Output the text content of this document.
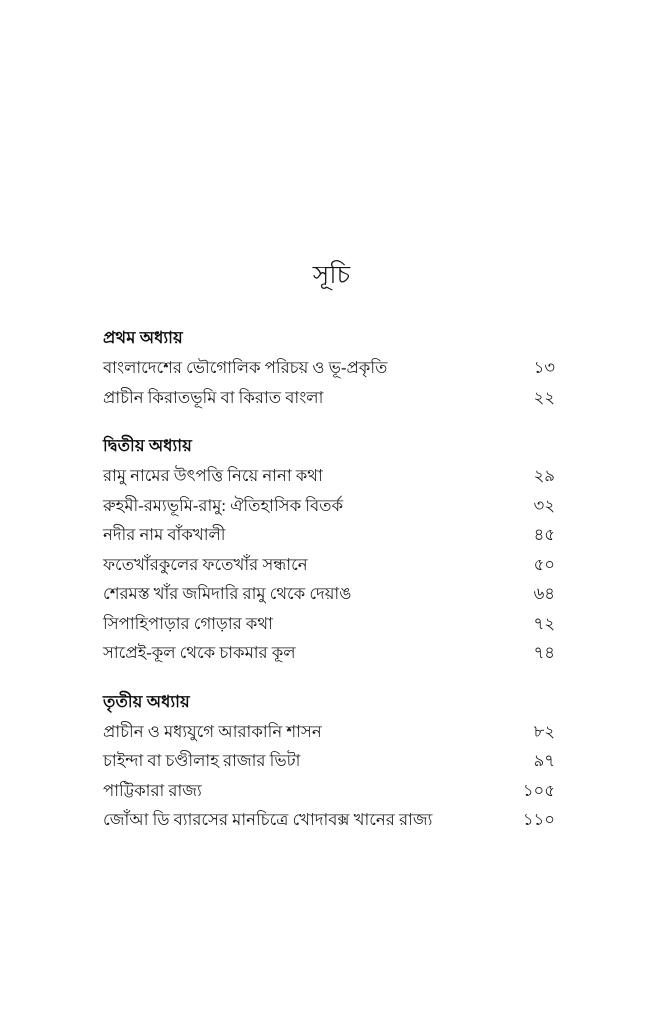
সূচি
প্রথম অধ্যায়
বাংলাদেশের ভৌগোলিক পরিচয় ও ভূ-প্রকৃতি	১৩
প্রাচীন কিরাতভূমি বা কিরাত বাংলা	২২
দ্বিতীয় অধ্যায়
রামু নামের উৎপত্তি নিয়ে নানা কথা	২৯
রুহমী-রম্যভূমি-রামু: ঐতিহাসিক বিতর্ক	৩২
নদীর নাম বাঁকখালী	৪৫
ফতেখাঁরকুলের ফতেখাঁর সন্ধানে	৫০
শেরমস্ত খাঁর জমিদারি রামু থেকে দেয়াঙ	৬৪
সিপাহিপাড়ার গোড়ার কথা	৭২
সাপ্রেই-কূল থেকে চাকমার কূল	৭৪
তৃতীয় অধ্যায়
প্রাচীন ও মধ্যযুগে আরাকানি শাসন	৮২
চাইন্দা বা চণ্ডীলাহ রাজার ভিটা	৯৭
পাট্টিকারা রাজ্য	১০৫
জোঁআ ডি ব্যারসের মানচিত্রে খোদাবক্স খানের রাজ্য	১১০
